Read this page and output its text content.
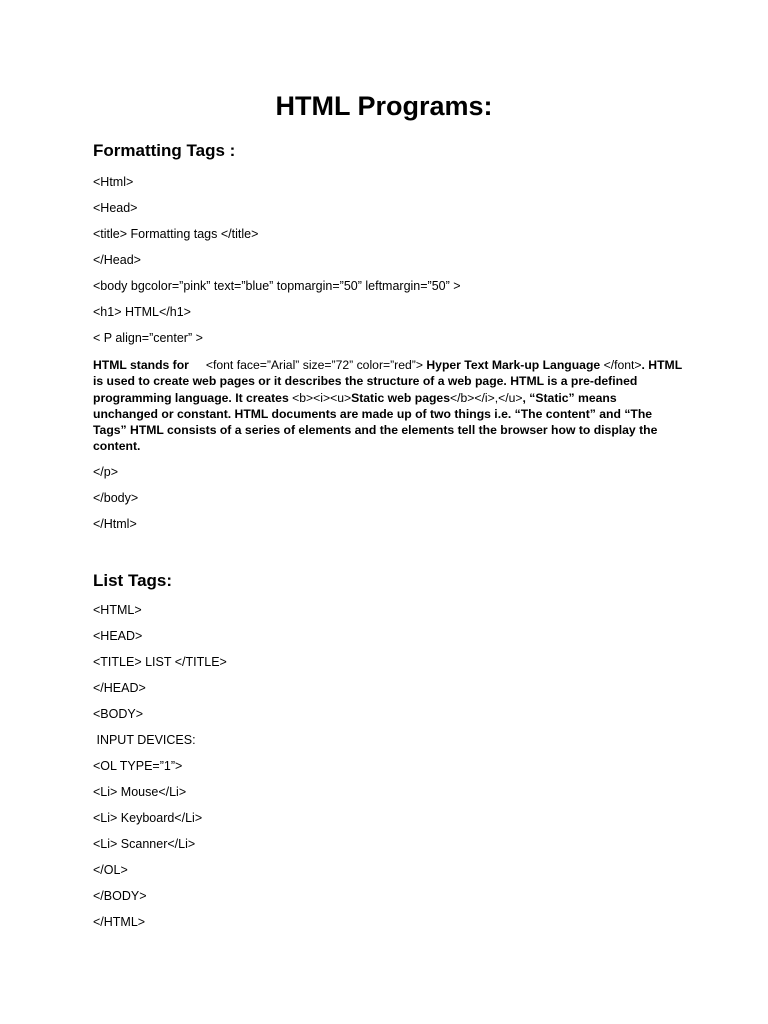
HTML Programs:
Formatting Tags :

<Html>

<Head>

<title> Formatting tags </title>

</Head>

<body bgcolor=”pink” text=”blue” topmargin=”50” leftmargin=”50” >

<h1> HTML</h1>

< P align=”center” >

HTML stands for     <font face=”Arial” size=”72” color=”red”> Hyper Text Mark-up Language </font>. HTML is used to create web pages or it describes the structure of a web page. HTML is a pre-defined programming language. It creates <b><i><u>Static web pages</b></i>,</u>, “Static” means unchanged or constant. HTML documents are made up of two things i.e. “The content” and “The Tags” HTML consists of a series of elements and the elements tell the browser how to display the content.

</p>

</body>

</Html>

List Tags:

<HTML>

<HEAD>

<TITLE> LIST </TITLE>

</HEAD>

<BODY>

INPUT DEVICES:

<OL TYPE=”1”>

<Li> Mouse</Li>

<Li> Keyboard</Li>

<Li> Scanner</Li>

</OL>

</BODY>

</HTML>
